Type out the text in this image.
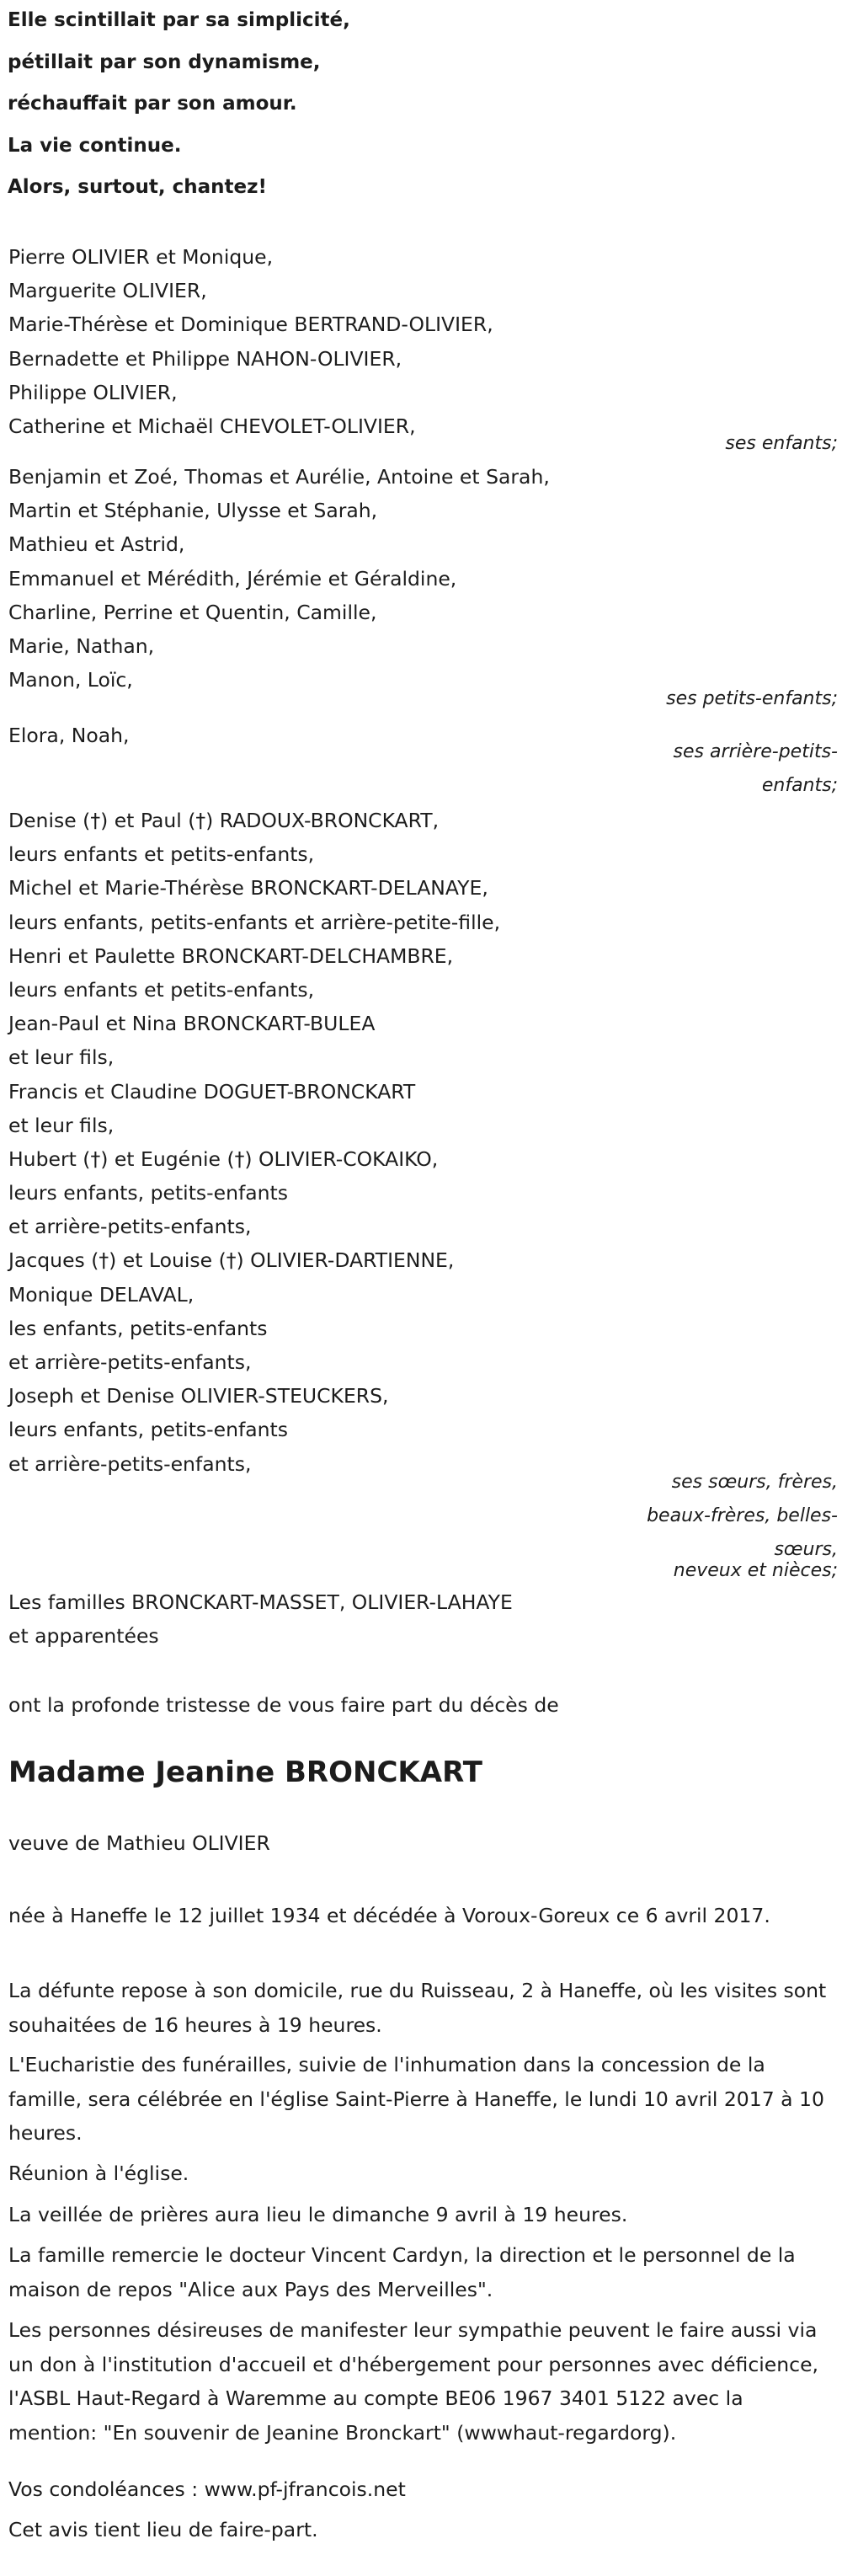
Elle scintillait par sa simplicité,
pétillait par son dynamisme,
réchauffait par son amour.
La vie continue.
Alors, surtout, chantez!
Pierre OLIVIER et Monique,
Marguerite OLIVIER,
Marie-Thérèse et Dominique BERTRAND-OLIVIER,
Bernadette et Philippe NAHON-OLIVIER,
Philippe OLIVIER,
Catherine et Michaël CHEVOLET-OLIVIER,
ses enfants;
Benjamin et Zoé, Thomas et Aurélie, Antoine et Sarah,
Martin et Stéphanie, Ulysse et Sarah,
Mathieu et Astrid,
Emmanuel et Mérédith, Jérémie et Géraldine,
Charline, Perrine et Quentin, Camille,
Marie, Nathan,
Manon, Loïc,
ses petits-enfants;
Elora, Noah,
ses arrière-petits-enfants;
Denise (†) et Paul (†) RADOUX-BRONCKART,
leurs enfants et petits-enfants,
Michel et Marie-Thérèse BRONCKART-DELANAYE,
leurs enfants, petits-enfants et arrière-petite-fille,
Henri et Paulette BRONCKART-DELCHAMBRE,
leurs enfants et petits-enfants,
Jean-Paul et Nina BRONCKART-BULEA
et leur fils,
Francis et Claudine DOGUET-BRONCKART
et leur fils,
Hubert (†) et Eugénie (†) OLIVIER-COKAIKO,
leurs enfants, petits-enfants
et arrière-petits-enfants,
Jacques (†) et Louise (†) OLIVIER-DARTIENNE,
Monique DELAVAL,
les enfants, petits-enfants
et arrière-petits-enfants,
Joseph et Denise OLIVIER-STEUCKERS,
leurs enfants, petits-enfants
et arrière-petits-enfants,
ses sœurs, frères, beaux-frères, belles-sœurs,
neveux et nièces;
Les familles BRONCKART-MASSET, OLIVIER-LAHAYE
et apparentées
ont la profonde tristesse de vous faire part du décès de
Madame Jeanine BRONCKART
veuve de Mathieu OLIVIER
née à Haneffe le 12 juillet 1934 et décédée à Voroux-Goreux ce 6 avril 2017.
La défunte repose à son domicile, rue du Ruisseau, 2 à Haneffe, où les visites sont souhaitées de 16 heures à 19 heures.
L'Eucharistie des funérailles, suivie de l'inhumation dans la concession de la famille, sera célébrée en l'église Saint-Pierre à Haneffe, le lundi 10 avril 2017 à 10 heures.
Réunion à l'église.
La veillée de prières aura lieu le dimanche 9 avril à 19 heures.
La famille remercie le docteur Vincent Cardyn, la direction et le personnel de la maison de repos "Alice aux Pays des Merveilles".
Les personnes désireuses de manifester leur sympathie peuvent le faire aussi via un don à l'institution d'accueil et d'hébergement pour personnes avec déficience, l'ASBL Haut-Regard à Waremme au compte BE06 1967 3401 5122 avec la mention: "En souvenir de Jeanine Bronckart" (wwwhaut-regardorg).
Vos condoléances : www.pf-jfrancois.net
Cet avis tient lieu de faire-part.
